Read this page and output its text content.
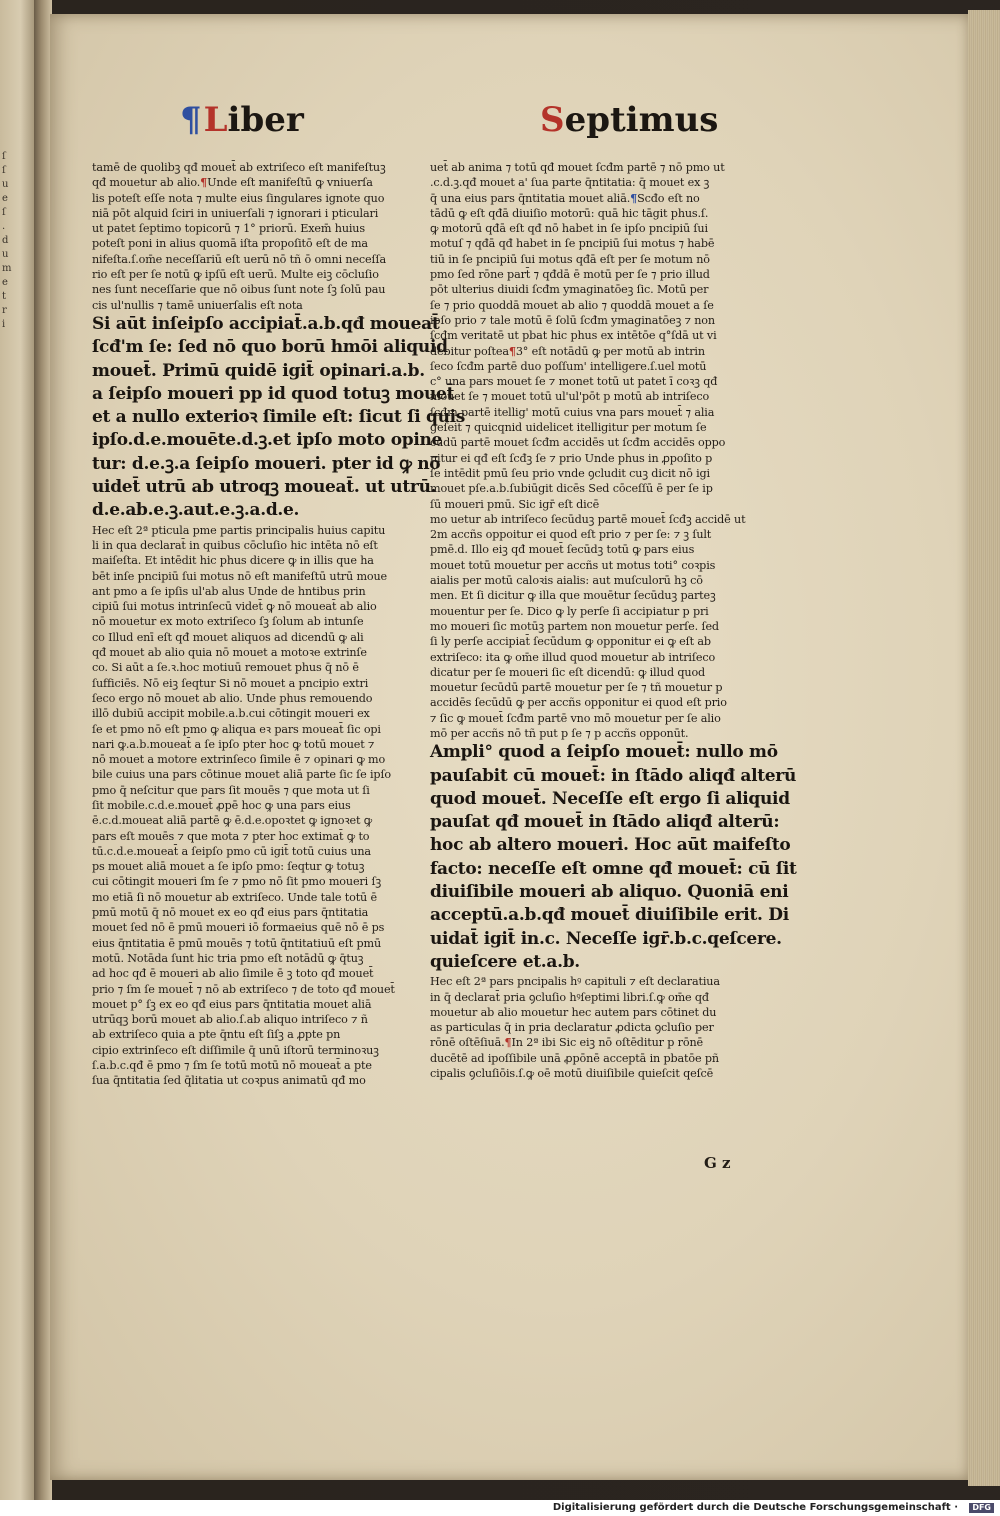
ſ
ſ
u
e
ſ
.
d
u
m
e
t
r
i
¶Liber	Septimus
tamē de quolibꝫ qđ mouet̄ ab extriſeco eſt manifeſtuꝫ
qđ mouetur ab alio.¶Unde eſt manifeſtū ꝙ vniuerſa
lis poteſt eſſe nota ⁊ multe eius ſingulares ignote quo
niā pōt alquid ſciri in uniuerſali ⁊ ignorari i pticulari
ut patet ſeptimo topicorū ⁊ 1° priorū. Exem̄ huius
poteſt poni in alius quomā iſta propoſitō eſt de ma
nifeſta.ſ.om̄e neceſſariū eſt uerū nō tñ ō omni neceſſa
rio eſt per ſe notū ꝙ ipſū eſt uerū. Multe eiꝫ cōcluſio
nes ſunt neceſſarie que nō oibus ſunt note ſꝫ ſolū pau
cis ul'nullis ⁊ tamē uniuerſalis eſt nota
Si aūt inſeipſo accipiat̄.a.b.qđ moueat̄
ſcđ'm ſe: ſed nō quo borū hmōi aliquid
mouet̄. Primū quidē igit̄ opinari.a.b.
a ſeipſo moueri pp id quod totuꝫ mouet̄
et a nullo exterioꝛ ſimile eſt: ſicut ſi quis
ipſo.d.e.mouēte.d.ꝫ.et ipſo moto opine
tur: d.e.ꝫ.a ſeipſo moueri. pter id ꝙ nō
uidet̄ utrū ab utroqꝫ moueat̄. ut utrū.
d.e.ab.e.ꝫ.aut.e.ꝫ.a.d.e.
Hec eſt 2ª pticula pme partis principalis huius capitu
li in qua declarat̄ in quibus cōcluſio hic intēta nō eſt
maiſeſta. Et intēdit hic phus dicere ꝙ in illis que ha
bēt inſe pncipiū ſui motus nō eſt manifeſtū utrū moue
ant pmo a ſe ipſis ul'ab alus Unde de hntibus prin
cipiū ſui motus intrinſecū videt̄ ꝙ nō moueat̄ ab alio
nō mouetur ex moto extriſeco ſꝫ ſolum ab intunſe
co Illud enī eſt qđ mouet aliquos ad dicendū ꝙ ali
qđ mouet ab alio quia nō mouet a motoꝛe extrinſe
co. Si aūt a ſe.ꝛ.hoc motiuū remouet phus q̄ nō ē
ſufficiēs. Nō eiꝫ ſeqtur Si nō mouet a pncipio extri
ſeco ergo nō mouet ab alio. Unde phus remouendo
illō dubiū accipit mobile.a.b.cui cōtingit moueri ex
ſe et pmo nō eſt pmo ꝙ aliqua eꝛ pars moueat̄ ſic opi
nari ꝙ.a.b.moueat̄ a ſe ipſo pter hoc ꝙ totū mouet ⁊
nō mouet a motore extrinſeco ſimile ē ⁊ opinari ꝙ mo
bile cuius una pars cōtinue mouet aliā parte ſic ſe ipſo
pmo q̄ neſcitur que pars ſit mouēs ⁊ que mota ut ſi
ſit mobile.c.d.e.mouet̄ ꝓpē hoc ꝙ una pars eius
ē.c.d.moueat aliā partē ꝙ ē.d.e.opoꝛtet ꝙ ignoꝛet ꝙ
pars eſt mouēs ⁊ que mota ⁊ pter hoc extimat̄ ꝙ to
tū.c.d.e.moueat̄ a ſeipſo pmo cū igit̄ totū cuius una
ps mouet aliā mouet a ſe ipſo pmo: ſeqtur ꝙ totuꝫ
cui cōtingit moueri ſm ſe ⁊ pmo nō ſit pmo moueri ſꝫ
mo etiā ſi nō mouetur ab extriſeco. Unde tale totū ē
pmū motū q̄ nō mouet ex eo qđ eius pars q̄ntitatia
mouet ſed nō ē pmū moueri iō formaeius quē nō ē ps
eius q̄ntitatia ē pmū mouēs ⁊ totū q̄ntitatiuū eſt pmū
motū. Notāda ſunt hic tria pmo eſt notādū ꝙ q̄tuꝫ
ad hoc qđ ē moueri ab alio ſimile ē ꝫ toto qđ mouet̄
prio ⁊ ſm ſe mouet̄ ⁊ nō ab extriſeco ⁊ de toto qđ mouet̄
mouet p° ſꝫ ex eo qđ eius pars q̄ntitatia mouet aliā
utrūqꝫ borū mouet ab alio.ſ.ab aliquo intriſeco ⁊ ñ
ab extriſeco quia a pte q̄ntu eſt ſiſꝫ a ꝓpte pn
cipio extrinſeco eſt diſſimile q̄ unū iſtorū terminoꝛuꝫ
ſ.a.b.c.qđ ē pmo ⁊ ſm ſe totū motū nō moueat̄ a pte
ſua q̄ntitatia ſed q̄litatia ut coꝛpus animatū qđ mo
uet̄ ab anima ⁊ totū qđ mouet ſcđm partē ⁊ nō pmo ut
.c.d.ꝫ.qđ mouet a' ſua parte q̄ntitatia: q̄ mouet ex ꝫ
q̄ una eius pars q̄ntitatia mouet aliā.¶Scđo eſt no
tādū ꝙ eſt qđā diuiſio motorū: quā hic tāgit phus.ſ.
ꝙ motorū qđā eſt qđ nō habet in ſe ipſo pncipiū ſui
motuſ ⁊ qđā qđ habet in ſe pncipiū ſui motus ⁊ habē
tiū in ſe pncipiū ſui motus qđā eſt per ſe motum nō
pmo ſed rōne part̄ ⁊ qđdā ē motū per ſe ⁊ prio illud
pōt ulterius diuidi ſcđm ymaginatōeꝫ ſic. Motū per
ſe ⁊ prio quoddā mouet ab alio ⁊ quoddā mouet a ſe
ipſo prio ⁊ tale motū ē ſolū ſcđm ymaginatōeꝫ ⁊ non
ſcđm veritatē ut pbat hic phus ex intētōe q°ſdā ut vi
debitur poſtea¶3° eſt notādū ꝙ per motū ab intrin
ſeco ſcđm partē duo poſſum' intelligere.ſ.uel motū
c° una pars mouet ſe ⁊ monet totū ut patet ī coꝛꝫ qđ
mouet ſe ⁊ mouet totū ul'ul'pōt p motū ab intriſeco
ſcđm partē itellig' motū cuius vna pars mouet̄ ⁊ alia
geſeit ⁊ quicqnid uidelicet itelligitur per motum ſe
cūdū partē mouet ſcđm accidēs ut ſcđm accidēs oppo
nitur ei qđ eſt ſcđꝫ ſe ⁊ prio Unde phus in ꝓpoſito p
ſe intēdit pmū ſeu prio vnde ꝯcludit cuꝫ dicit nō igi
mouet pſe.a.b.ſubiūgit dicēs Sed cōceſſū ē per ſe ip
ſū moueri pmū. Sic igr̄ eſt dicē
mo uetur ab intriſeco ſecūduꝫ partē mouet̄ ſcđꝫ accidē ut
2m accñs oppoitur ei quod eſt prio ⁊ per ſe: ⁊ ꝫ ſult
pmē.d. Illo eiꝫ qđ mouet̄ ſecūdꝫ totū ꝙ pars eius
mouet totū mouetur per accñs ut motus toti° coꝛpis
aialis per motū caloꝛis aialis: aut muſculorū hꝫ cō
men. Et ſi dicitur ꝙ illa que mouētur ſecūduꝫ parteꝫ
mouentur per ſe. Dico ꝙ ly perſe ſi accipiatur p pri
mo moueri ſic motūꝫ partem non mouetur perſe. ſed
ſi ly perſe accipiat̄ ſecūdum ꝙ opponitur ei ꝙ eſt ab
extriſeco: ita ꝙ om̄e illud quod mouetur ab intriſeco
dicatur per ſe moueri ſic eſt dicendū: ꝙ illud quod
mouetur ſecūdū partē mouetur per ſe ⁊ tñ mouetur p
accidēs ſecūdū ꝙ per accñs opponitur ei quod eſt prio
⁊ ſic ꝙ mouet̄ ſcđm partē vno mō mouetur per ſe alio
mō per accñs nō tñ put p ſe ⁊ p accñs opponūt.
Ampli° quod a ſeipſo mouet̄: nullo mō
pauſabit cū mouet̄: in ſtādo aliqđ alterū
quod mouet̄. Neceſſe eſt ergo ſi aliquid
pauſat qđ mouet̄ in ſtādo aliqđ alterū:
hoc ab altero moueri. Hoc aūt maifeſto
facto: neceſſe eſt omne qđ mouet̄: cū ſit
diuiſibile moueri ab aliquo. Quoniā eni
acceptū.a.b.qđ mouet̄ diuiſibile erit. Di
uidat̄ igit̄ in.c. Neceſſe igr̄.b.c.qeſcere.
quieſcere et.a.b.
Hec eſt 2ª pars pncipalis hꝰ capituli ⁊ eſt declaratiua
in q̄ declarat̄ pria ꝯcluſio hꝰſeptimi libri.ſ.ꝙ om̄e qđ
mouetur ab alio mouetur hec autem pars cōtinet du
as particulas q̄ in pria declaratur ꝓdicta ꝯcluſio per
rōnē oſtēſiuā.¶In 2ª ibi Sic eiꝫ nō oſtēditur p rōnē
ducētē ad ipoſſibile unā ꝓpōnē acceptā in pbatōe pñ
cipalis ꝯcluſiōis.ſ.ꝙ oē motū diuiſibile quieſcit qeſcē
G z
Digitalisierung gefördert durch die Deutsche Forschungsgemeinschaft ·	DFG
